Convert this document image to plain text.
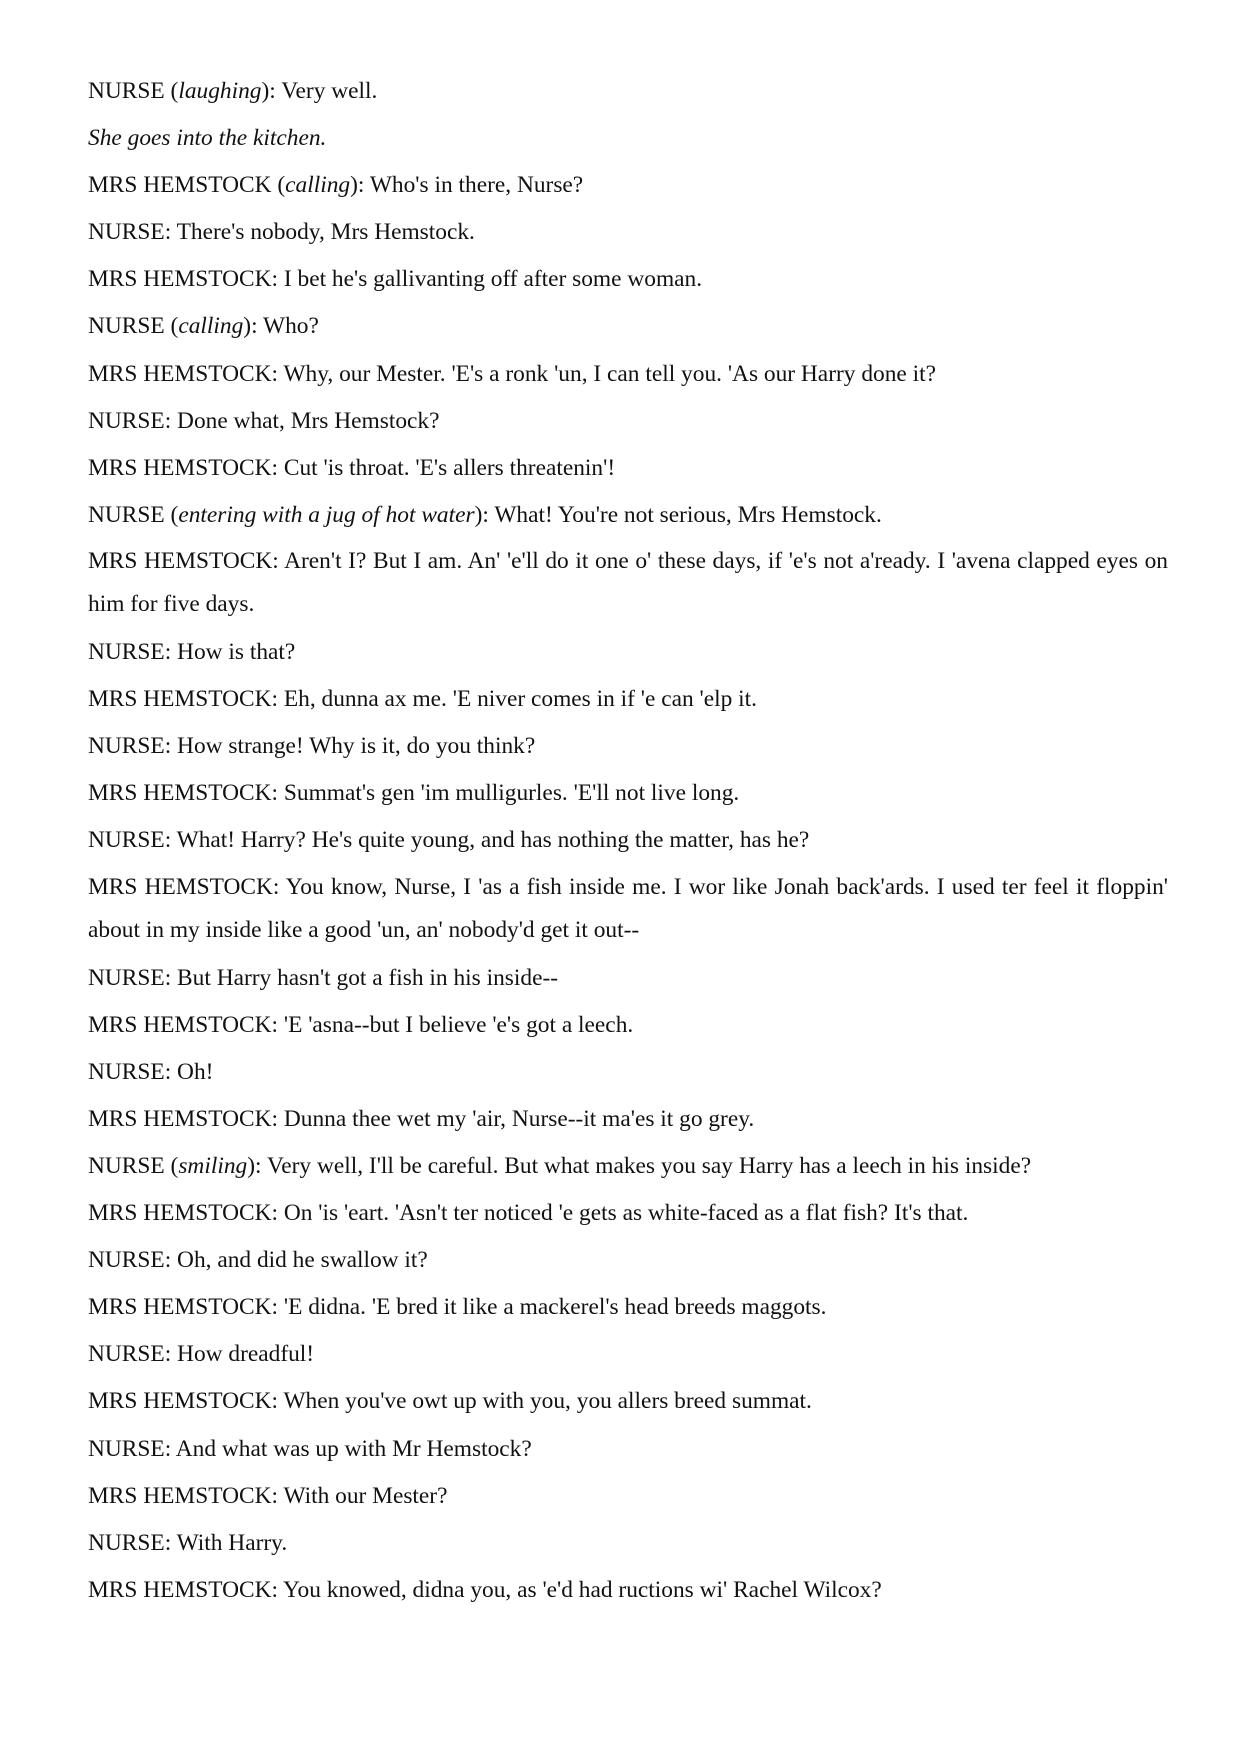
NURSE (laughing): Very well.

She goes into the kitchen.

MRS HEMSTOCK (calling): Who's in there, Nurse?

NURSE: There's nobody, Mrs Hemstock.

MRS HEMSTOCK: I bet he's gallivanting off after some woman.

NURSE (calling): Who?

MRS HEMSTOCK: Why, our Mester. 'E's a ronk 'un, I can tell you. 'As our Harry done it?

NURSE: Done what, Mrs Hemstock?

MRS HEMSTOCK: Cut 'is throat. 'E's allers threatenin'!

NURSE (entering with a jug of hot water): What! You're not serious, Mrs Hemstock.

MRS HEMSTOCK: Aren't I? But I am. An' 'e'll do it one o' these days, if 'e's not a'ready. I 'avena clapped eyes on him for five days.

NURSE: How is that?

MRS HEMSTOCK: Eh, dunna ax me. 'E niver comes in if 'e can 'elp it.

NURSE: How strange! Why is it, do you think?

MRS HEMSTOCK: Summat's gen 'im mulligurles. 'E'll not live long.

NURSE: What! Harry? He's quite young, and has nothing the matter, has he?

MRS HEMSTOCK: You know, Nurse, I 'as a fish inside me. I wor like Jonah back'ards. I used ter feel it floppin' about in my inside like a good 'un, an' nobody'd get it out--

NURSE: But Harry hasn't got a fish in his inside--

MRS HEMSTOCK: 'E 'asna--but I believe 'e's got a leech.

NURSE: Oh!

MRS HEMSTOCK: Dunna thee wet my 'air, Nurse--it ma'es it go grey.

NURSE (smiling): Very well, I'll be careful. But what makes you say Harry has a leech in his inside?

MRS HEMSTOCK: On 'is 'eart. 'Asn't ter noticed 'e gets as white-faced as a flat fish? It's that.

NURSE: Oh, and did he swallow it?

MRS HEMSTOCK: 'E didna. 'E bred it like a mackerel's head breeds maggots.

NURSE: How dreadful!

MRS HEMSTOCK: When you've owt up with you, you allers breed summat.

NURSE: And what was up with Mr Hemstock?

MRS HEMSTOCK: With our Mester?

NURSE: With Harry.

MRS HEMSTOCK: You knowed, didna you, as 'e'd had ructions wi' Rachel Wilcox?
